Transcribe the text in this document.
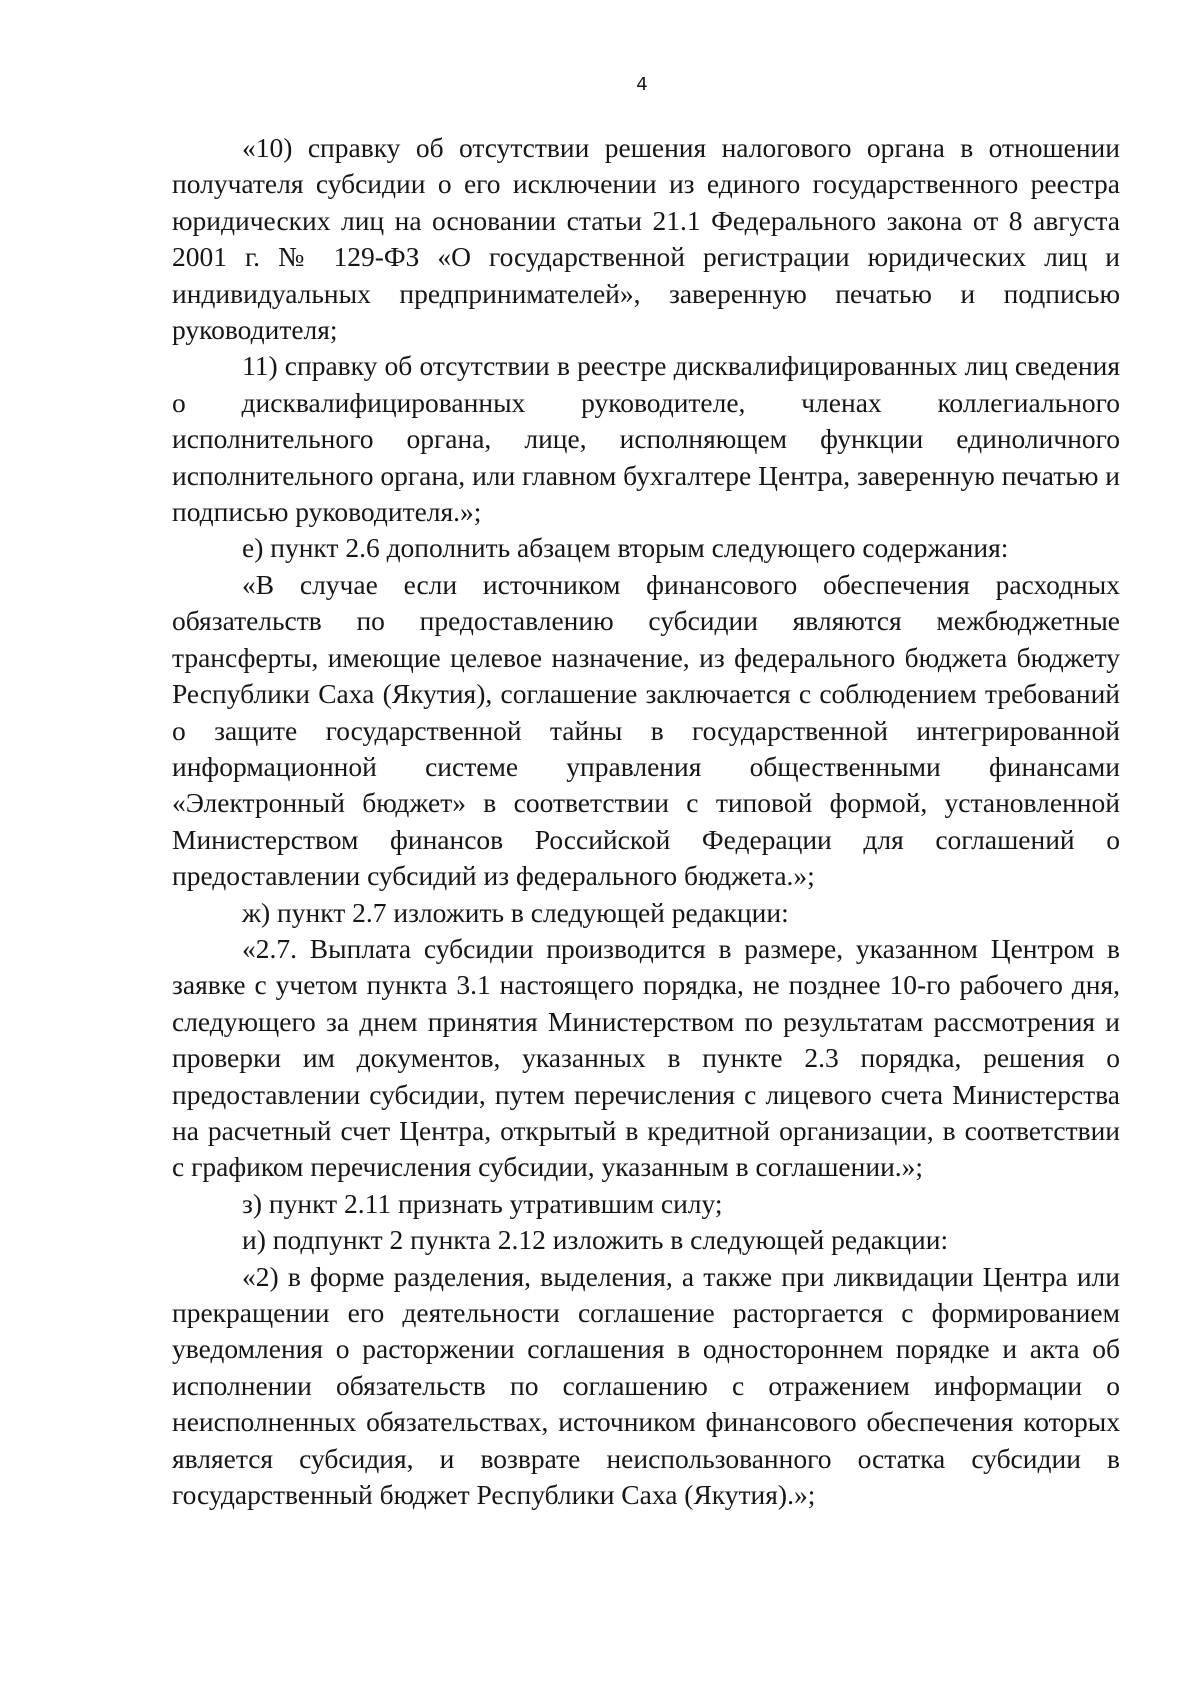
4

«10) справку об отсутствии решения налогового органа в отношении получателя субсидии о его исключении из единого государственного реестра юридических лиц на основании статьи 21.1 Федерального закона от 8 августа 2001 г. № 129-ФЗ «О государственной регистрации юридических лиц и индивидуальных предпринимателей», заверенную печатью и подписью руководителя;

11) справку об отсутствии в реестре дисквалифицированных лиц сведения о дисквалифицированных руководителе, членах коллегиального исполнительного органа, лице, исполняющем функции единоличного исполнительного органа, или главном бухгалтере Центра, заверенную печатью и подписью руководителя.»;

е) пункт 2.6 дополнить абзацем вторым следующего содержания:

«В случае если источником финансового обеспечения расходных обязательств по предоставлению субсидии являются межбюджетные трансферты, имеющие целевое назначение, из федерального бюджета бюджету Республики Саха (Якутия), соглашение заключается с соблюдением требований о защите государственной тайны в государственной интегрированной информационной системе управления общественными финансами «Электронный бюджет» в соответствии с типовой формой, установленной Министерством финансов Российской Федерации для соглашений о предоставлении субсидий из федерального бюджета.»;

ж) пункт 2.7 изложить в следующей редакции:

«2.7. Выплата субсидии производится в размере, указанном Центром в заявке с учетом пункта 3.1 настоящего порядка, не позднее 10-го рабочего дня, следующего за днем принятия Министерством по результатам рассмотрения и проверки им документов, указанных в пункте 2.3 порядка, решения о предоставлении субсидии, путем перечисления с лицевого счета Министерства на расчетный счет Центра, открытый в кредитной организации, в соответствии с графиком перечисления субсидии, указанным в соглашении.»;

з) пункт 2.11 признать утратившим силу;

и) подпункт 2 пункта 2.12 изложить в следующей редакции:

«2) в форме разделения, выделения, а также при ликвидации Центра или прекращении его деятельности соглашение расторгается с формированием уведомления о расторжении соглашения в одностороннем порядке и акта об исполнении обязательств по соглашению с отражением информации о неисполненных обязательствах, источником финансового обеспечения которых является субсидия, и возврате неиспользованного остатка субсидии в государственный бюджет Республики Саха (Якутия).»;
